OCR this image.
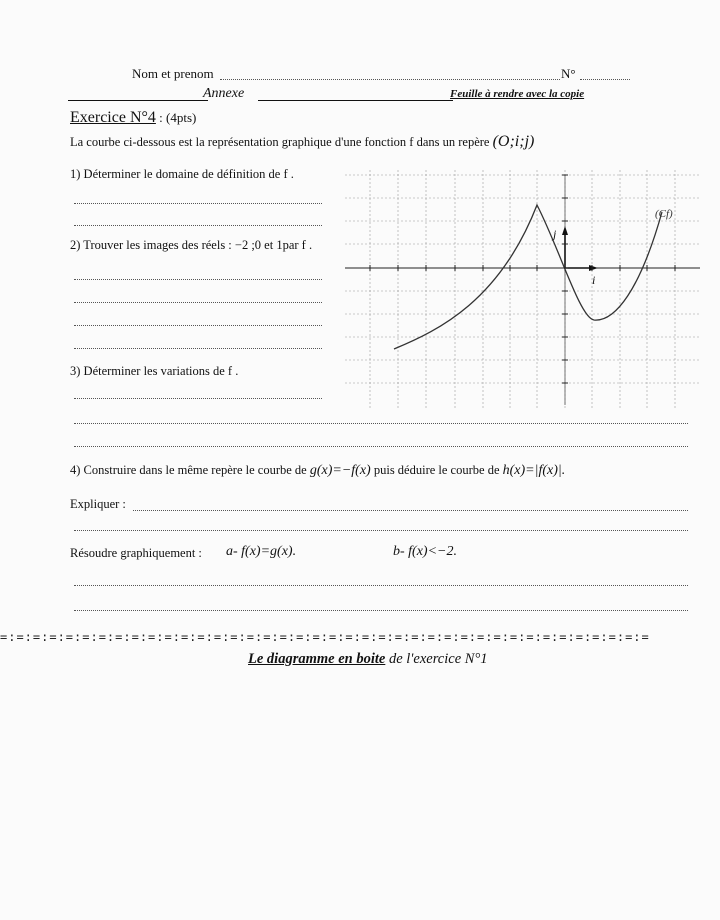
Nom et prenom	N°
Annexe	Feuille à rendre avec la copie
Exercice N°4 : (4pts)
La courbe ci-dessous est la représentation graphique d'une fonction f dans un repère (O;i;j)
1) Déterminer le domaine de définition de f .
2) Trouver les images des réels : −2 ;0 et 1par f .
3) Déterminer les variations de f .
(Cf)
j
i
4) Construire dans le même repère le courbe de g(x)=−f(x) puis déduire le courbe de h(x)=|f(x)|.
Expliquer :
Résoudre graphiquement : a- f(x)=g(x).	b- f(x)<−2.
=:=:=:=:=:=:=:=:=:=:=:=:=:=:=:=:=:=:=:=:=:=:=:=:=:=:=:=:=:=:=:=:=:=:=:=:=:=:=:=
Le diagramme en boite de l'exercice N°1
